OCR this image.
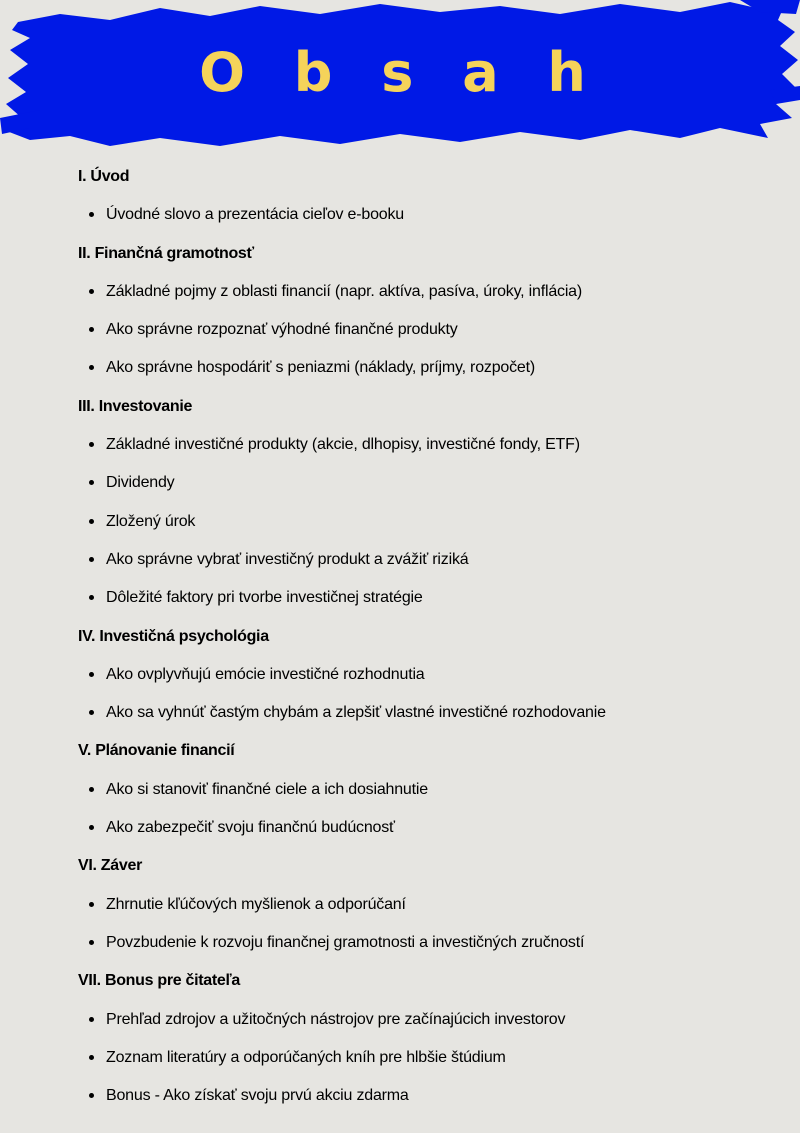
O b s a h
I. Úvod
Úvodné slovo a prezentácia cieľov e-booku
II. Finančná gramotnosť
Základné pojmy z oblasti financií (napr. aktíva, pasíva, úroky, inflácia)
Ako správne rozpoznať výhodné finančné produkty
Ako správne hospodáriť s peniazmi (náklady, príjmy, rozpočet)
III. Investovanie
Základné investičné produkty (akcie, dlhopisy, investičné fondy, ETF)
Dividendy
Zložený úrok
Ako správne vybrať investičný produkt a zvážiť riziká
Dôležité faktory pri tvorbe investičnej stratégie
IV. Investičná psychológia
Ako ovplyvňujú emócie investičné rozhodnutia
Ako sa vyhnúť častým chybám a zlepšiť vlastné investičné rozhodovanie
V. Plánovanie financií
Ako si stanoviť finančné ciele a ich dosiahnutie
Ako zabezpečiť svoju finančnú budúcnosť
VI. Záver
Zhrnutie kľúčových myšlienok a odporúčaní
Povzbudenie k rozvoju finančnej gramotnosti a investičných zručností
VII. Bonus pre čitateľa
Prehľad zdrojov a užitočných nástrojov pre začínajúcich investorov
Zoznam literatúry a odporúčaných kníh pre hlbšie štúdium
Bonus - Ako získať svoju prvú akciu zdarma
